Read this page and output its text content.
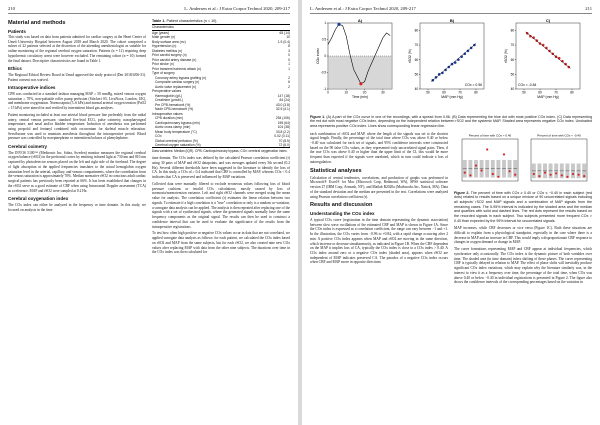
210	L. Andersen et al.: J Extra Corpor Technol 2020, 209-217
Material and methods
Patients

This study was based on data from patients admitted for cardiac surgery at the Heart Center of Umeå University Hospital between August 2018 and March 2020. The cohort comprised a subset of 22 patients selected at the discretion of the attending anesthesiologist as suitable for online monitoring of the regional cerebral oxygen saturation. Patients (n = 12) requiring deep hypothermic circulatory arrest were however excluded. The remaining cohort (n = 10) formed the final dataset. Descriptive characteristics are found in Table 1.

Ethics

The Regional Ethical Review Board in Umeå approved the study protocol (Dnr 2018/4/06-31). Patient consent was waived.

Intraoperative indices

CPB was conducted in a standard fashion managing MAP ≥ 50 mmHg, mixed venous oxygen saturation ≥ 70%, non-pulsatile roller pump perfusion (Stöckert S5, LivaNova, London, UK), and membrane oxygenation. Normocapnia (5–6 kPa) and normal arterial oxygen tension (PaO2 ≥ 15 kPa) were aimed for and verified by intermittent blood gas analyses.

Patient monitoring included at least one arterial blood pressure line preferably from the radial artery, central venous pressure, standard five-lead ECG, pulse oximetry, nasopharyngeal temperature, and nasal and/or bladder temperature. Induction of anesthesia was performed using propofol and fentanyl combined with rocuronium for skeletal muscle relaxation. Sevoflurane was used to maintain anesthesia throughout the intraoperative period. Blood pressure was controlled by norepinephrine or intermittent boluses of phenylephrine.

Cerebral oximetry

The INVOS 5100™ (Medtronic Inc, Solna, Sweden) monitor measures the regional cerebral oxygen balance (rSO2) in the prefrontal cortex by emitting infrared light at 730 nm and 810 nm captured by photodetector sensors placed on the left and right side of the forehead. The degree of light absorption at the applied frequencies translates to the actual hemoglobin oxygen saturation level in the arterial, capillary, and venous compartments, where the contribution from the venous saturation is approximately 70%. Median normative rSO2 in conscious adult cardiac surgical patients has previously been reported at 66%. It has been established that changes in the rSO2 serve as a good estimate of CBF when using Intracranial Doppler assessment (TCA) as a reference. MAP and rSO2 were sampled at 0.2 Hz.

Cerebral oxygenation index

The COx index can either be analyzed in the frequency or time domain. In this study, we focused on analysis in the time

Table 1. Patient characteristics (n = 10).
Characteristics	
Age (years)	65 (14)
Male gender (n)	10
Body surface area (m²)	1.9 (0.4)
Hypertension (n)	8
Diabetes mellitus (n)	3
Prior carotid surgery (n)	0
Prior carotid artery disease (n)	0
Prior stroke (n)	1
Prior transient ischemic attack (n)	1
Type of surgery	
Coronary artery bypass grafting (n)	2
Composite cardiac surgery (n)	6
Aortic valve replacement (n)	2
Preoperative values	
Haemoglobin (g/L)	147 (18)
Creatinine (µmol/L)	84 (24)
Pre CPB-hematocrit (%)	43.0 (3.8)
Nadir CPB-hematocrit (%)	32.5 (4.1)
Intraoperative values	
CPB duration (min)	254 (106)
Cardiopulmonary bypass (min)	155 (64)
Aortic cross clamp (min)	104 (38)
Mean body temperature (°C)	33.8 (2.2)
COx	0.02 (0.11)
Global cerebral perfusion (%)	70 (8.5)
Cerebral oxygen saturation (%)	72 (6.0)
Data variables: Median (IQR). CPB: Cardiopulmonary bypass; COx: cerebral oxygenation index.

time domain. The COx index was defined by the calculated Pearson correlation coefficient (r) using 30 pairs of MAP and rSO2 datapoints, and was averages updated every 5th second (0.2 Hz). Several different thresholds have been suggested in the literature to identify the loss of CA. In this study, a COx of ≥ 0.4 indicated that CBF is controlled by MAP, whereas COx < 0.4 indicates that CA is preserved and influenced by MAP variations.

Collected data were manually filtered to exclude erroneous values following loss of blood pressure cushions or invalid COx calculations, mostly caused by loss of normoxia/normotension variance. Left and right rSO2 channels were merged using the mean value for analysis. The correlation coefficient (r) estimates the linear relation between two signals. To estimate if a high correlation is a "true" correlation or only is a random co-variation, a surrogate data analysis can be applied. The analysis is then repeated after replacing one of the signals with a set of synthesized signals, where the generated signals normally have the same frequency components as the original signal. The results can then be used to construct a confidence interval that can be used to evaluate the significance of the results from the intraoperative registrations.

To test how often high positive or negative COx values occur in data that are not correlated, we applied surrogate data analysis as follows: for each patient, we calculated the COx index based on rSO2 and MAP from the same subjects, but for each rSO2, we also created nine new COx values after replacing MAP with data from the other nine subjects. The durations over time in the COx index was then calculated for

L. Andersen et al.: J Extra Corpor Technol 2020, 209-217	211
0	10	20	30
-1
-0.5
0
0.5
1
Time (min)
COx index
A)
50	60	70	80
40
50
60
70
80
MAP (mm Hg)
rSO2 (%)
B)
COx = 0.96
50	60	70	80
40
50
60
70
80
MAP (mm Hg)
rSO2 (%)
C)
COx = -0.84
Figure 1. (A) A part of the COx curve in one of the recordings, with a spread from 0.96. (B) Data representing the blue dot with most positive COx index. (C) Data representing the red dot with most negative COx index, depending on the independent relation between rSO2 and the systemic MAP. Shaded area represents negative COx index. Unshaded area represents positive COx index. Lines show corresponding linear regression line.

each combination of rSO2 and MAP, where the length of the signals was set to the shortest signal length. Finally, the percentage of the total time where COx was above 0.40 or below −0.40 was calculated for each set of signals, and 95% confidence intervals were constructed based on the 90 false COx values, as they represented truly uncorrelated signal pairs. Then, if the true COx was above 0.40 or higher than the upper limit of the CI, this would be more frequent than expected if the signals were unrelated, which in turn could indicate a loss of autoregulation.

Statistical analyses

Calculation of central tendencies, correlations, and production of graphs was performed in Microsoft® Excel® for Mac (Microsoft Corp, Redmond, WA), SPSS statistical software version 27 (IBM Corp, Armonk, NY), and Matlab R2020a (Mathworks Inc, Natick, MA). Data of the standard deviation and the median are presented in the text. Correlations were analyzed using Pearson correlation coefficient (r).

Results and discussion
Understanding the COx index

A typical COx curve (registration in the time domain representing the dynamic association) between slow wave oscillations of the estimated CBF and MAP is shown in Figure 1A. Since the COx index is expressed as a correlation coefficient, the range can vary between −1 and +1. In the illustration, the COx varies from −0.96 to +0.84, with a rapid change occurring after 2 min. A positive COx index appears when MAP and rSO2 are moving in the same direction, which increase or decrease simultaneously, as indicated in Figure 1B. When the CBF dependent on the MAP it implies loss of CA, typically the COx index is close to a COx index > 0.40. A COx index around zero or a negative COx index (shaded area), appears when rSO2 are independent of MAP indicates preserved CA. The paradox of a negative COx index occurs when CBF and MAP move in opposite directions

Percent of time with COx > 0.40	Percent of time with COx < -0.40
Figure 2. The percent of time with COx ≥ 0.40 or COx ≤ −0.40 in each subject (red dots) related to results based on a unique mixture of 90 uncorrelated signals including all subjects' rSO2 and MAP signals and a combination of MAP signals from the remaining cases. The 5-95% interval is indicated by the shaded area and the median and quartiles with solid and dashed lines. The red dots represent the results based on the recorded signals in each subject. Two subjects presented more frequent COx > 0.40 than expected by the 95% interval for uncorrelated signals.

MAP increases, while CBF decreases or vice versa (Figure 1C). Both these situations are difficult to explain from a physiological standpoint, especially in the case where there is a decrease in MAP and an increase in CBF. This would imply a disproportionate CBF response to changes in oxygen demand or change in MAP.

The curve formations representing MAP and CBF appear at individual frequencies, which synchronize only occasionally. The COx index is the dynamic picture of both variables over time. The shaded area (in time domain) infers shifting of these phases. The curve representing CBF is typically delayed in relation to MAP. The effect of phase shifts will inevitably produce significant COx index variations, which may explain why the literature similarly was, in the interest to view it as a frequency over time, the percentage of the total time, when COx was above 0.40 or below −0.40 in individual registrations is presented in Figure 2. The figure also shows the confidence intervals of the corresponding percentages based on the variation in
